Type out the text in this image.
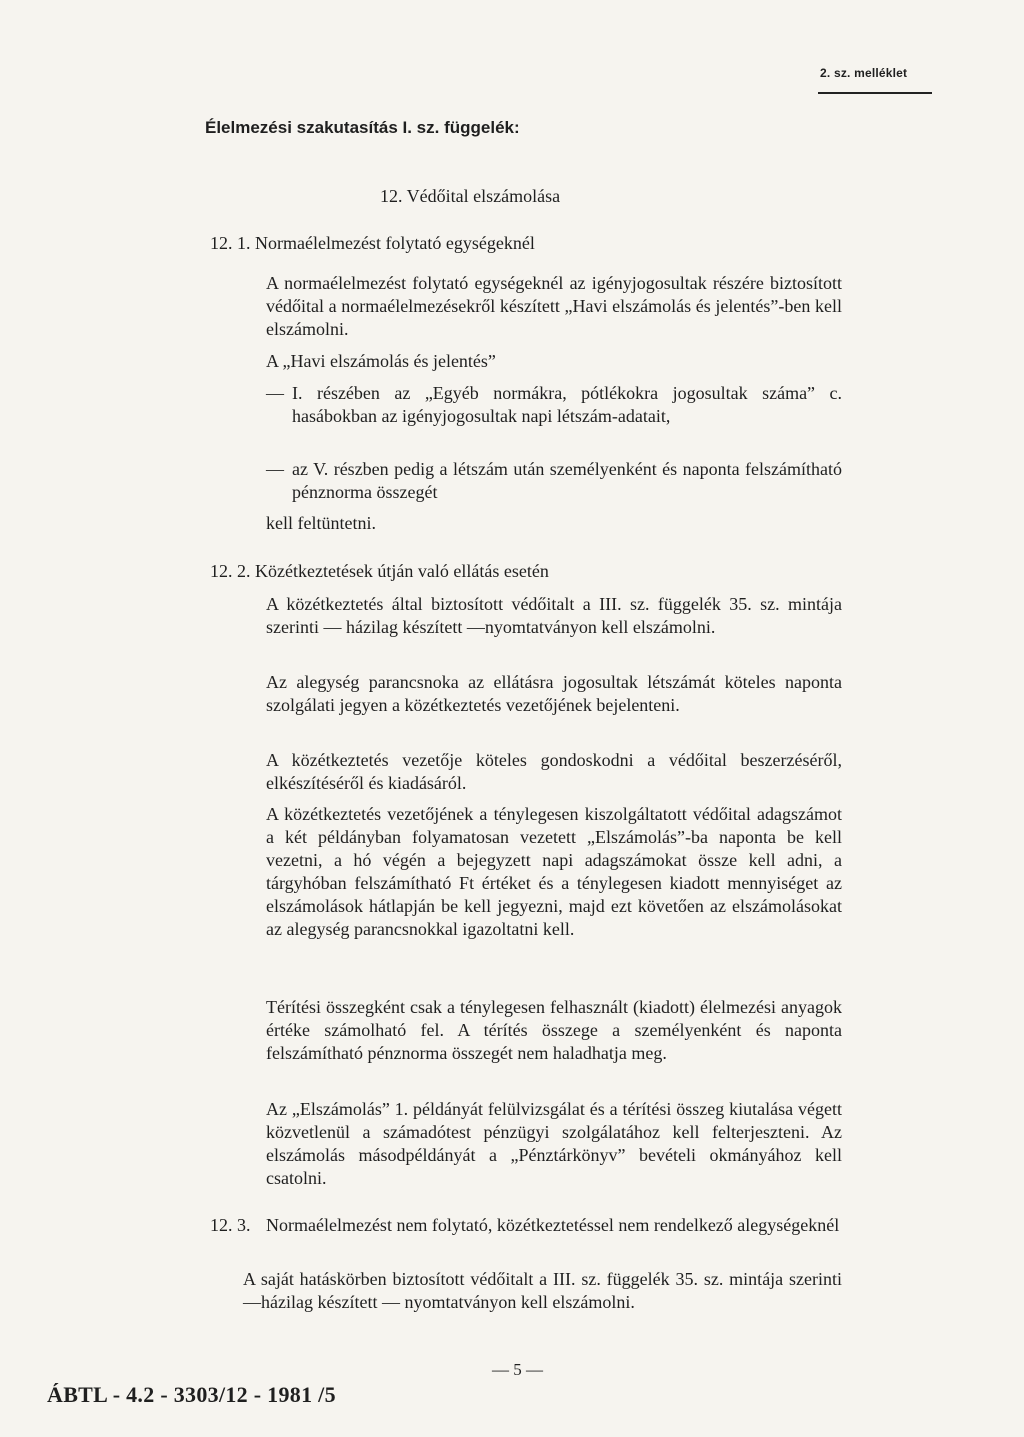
2. sz. melléklet
Élelmezési szakutasítás I. sz. függelék:
12. Védőital elszámolása
12. 1. Normaélelmezést folytató egységeknél
A normaélelmezést folytató egységeknél az igényjogosultak részére biztosított védőital a normaélelmezésekről készített „Havi elszámolás és jelentés”-ben kell elszámolni.
A „Havi elszámolás és jelentés”
— I. részében az „Egyéb normákra, pótlékokra jogosultak száma” c. hasábokban az igényjogosultak napi létszám-adatait,
— az V. részben pedig a létszám után személyenként és naponta felszámítható pénznorma összegét
kell feltüntetni.
12. 2. Közétkeztetések útján való ellátás esetén
A közétkeztetés által biztosított védőitalt a III. sz. függelék 35. sz. mintája szerinti — házilag készített —nyomtatványon kell elszámolni.
Az alegység parancsnoka az ellátásra jogosultak létszámát köteles naponta szolgálati jegyen a közétkeztetés vezetőjének bejelenteni.
A közétkeztetés vezetője köteles gondoskodni a védőital beszerzéséről, elkészítéséről és kiadásáról.
A közétkeztetés vezetőjének a ténylegesen kiszolgáltatott védőital adagszámot a két példányban folyamatosan vezetett „Elszámolás”-ba naponta be kell vezetni, a hó végén a bejegyzett napi adagszámokat össze kell adni, a tárgyhóban felszámítható Ft értéket és a ténylegesen kiadott mennyiséget az elszámolások hátlapján be kell jegyezni, majd ezt követően az elszámolásokat az alegység parancsnokkal igazoltatni kell.
Térítési összegként csak a ténylegesen felhasznált (kiadott) élelmezési anyagok értéke számolható fel. A térítés összege a személyenként és naponta felszámítható pénznorma összegét nem haladhatja meg.
Az „Elszámolás” 1. példányát felülvizsgálat és a térítési összeg kiutalása végett közvetlenül a számadótest pénzügyi szolgálatához kell felterjeszteni. Az elszámolás másodpéldányát a „Pénztárkönyv” bevételi okmányához kell csatolni.
12. 3. Normaélelmezést nem folytató, közétkeztetéssel nem rendelkező alegységeknél
A saját hatáskörben biztosított védőitalt a III. sz. függelék 35. sz. mintája szerinti —házilag készített — nyomtatványon kell elszámolni.
— 5 —
ÁBTL - 4.2 - 3303/12 - 1981 /5
